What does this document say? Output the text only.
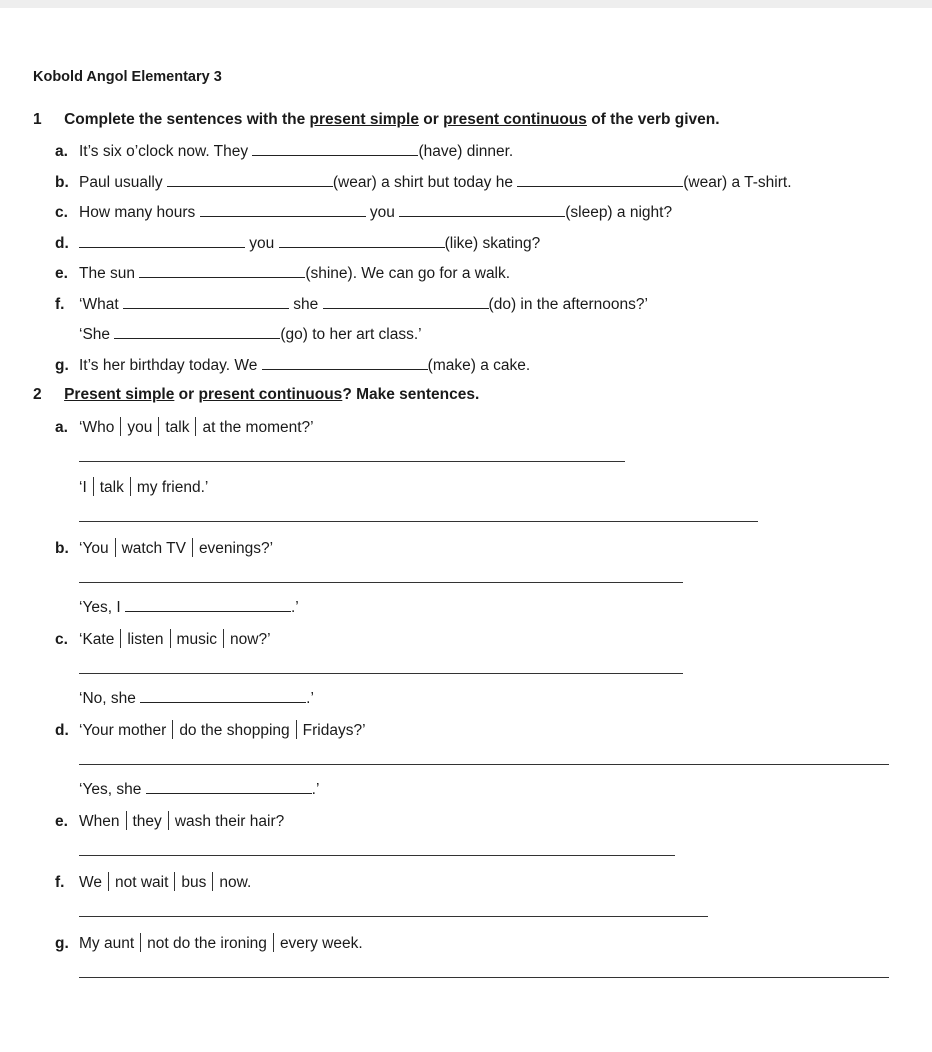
Kobold Angol Elementary 3
1 Complete the sentences with the present simple or present continuous of the verb given.
a. It’s six o’clock now. They	(have) dinner.
b. Paul usually	(wear) a shirt but today he	(wear) a T-shirt.
c. How many hours	you	(sleep) a night?
d.	you	(like) skating?
e. The sun	(shine). We can go for a walk.
f. ‘What	she	(do) in the afternoons?’
‘She	(go) to her art class.’
g. It’s her birthday today. We	(make) a cake.
2 Present simple or present continuous? Make sentences.
a. ‘Who you talk at the moment?’
‘I talk my friend.’
b. ‘You watch TV evenings?’
‘Yes, I	.’
c. ‘Kate listen music now?’
‘No, she	.’
d. ‘Your mother do the shopping Fridays?’
‘Yes, she	.’
e. When they wash their hair?
f. We not wait bus now.
g. My aunt not do the ironing every week.
